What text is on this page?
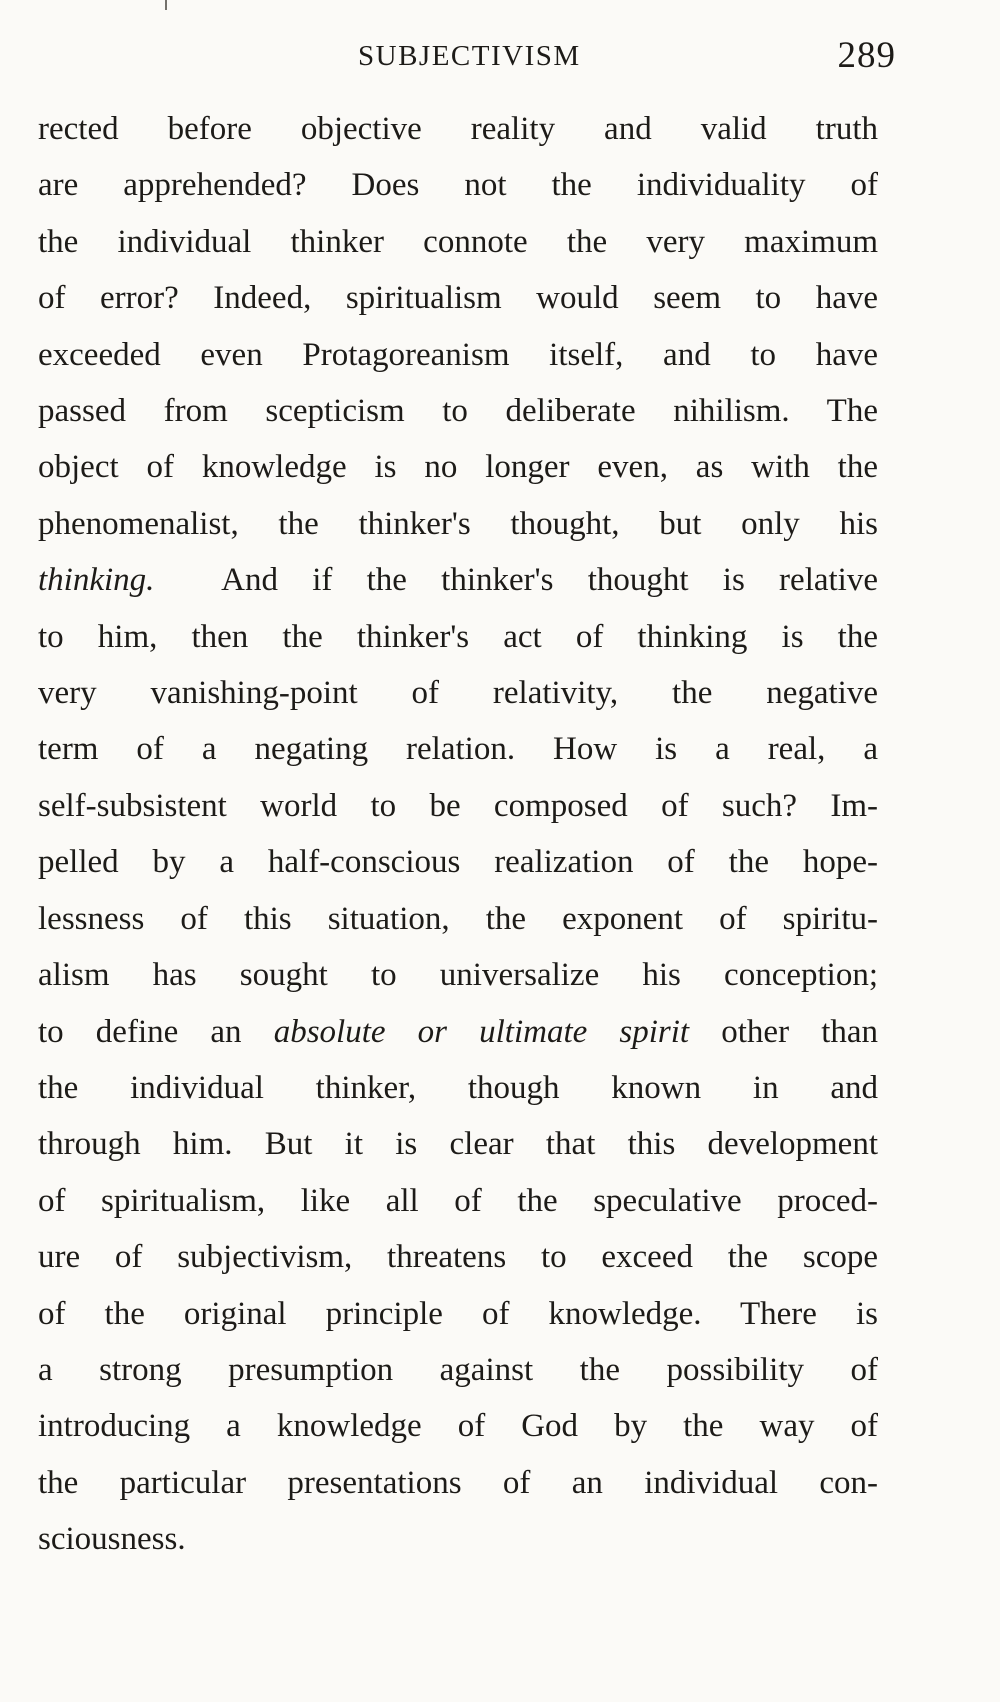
SUBJECTIVISM	289
rected before objective reality and valid truth
are apprehended? Does not the individuality of
the individual thinker connote the very maximum
of error? Indeed, spiritualism would seem to have
exceeded even Protagoreanism itself, and to have
passed from scepticism to deliberate nihilism. The
object of knowledge is no longer even, as with the
phenomenalist, the thinker's thought, but only his
thinking. And if the thinker's thought is relative
to him, then the thinker's act of thinking is the
very vanishing-point of relativity, the negative
term of a negating relation. How is a real, a
self-subsistent world to be composed of such? Im-
pelled by a half-conscious realization of the hope-
lessness of this situation, the exponent of spiritu-
alism has sought to universalize his conception;
to define an absolute or ultimate spirit other than
the individual thinker, though known in and
through him. But it is clear that this development
of spiritualism, like all of the speculative proced-
ure of subjectivism, threatens to exceed the scope
of the original principle of knowledge. There is
a strong presumption against the possibility of
introducing a knowledge of God by the way of
the particular presentations of an individual con-
sciousness.
